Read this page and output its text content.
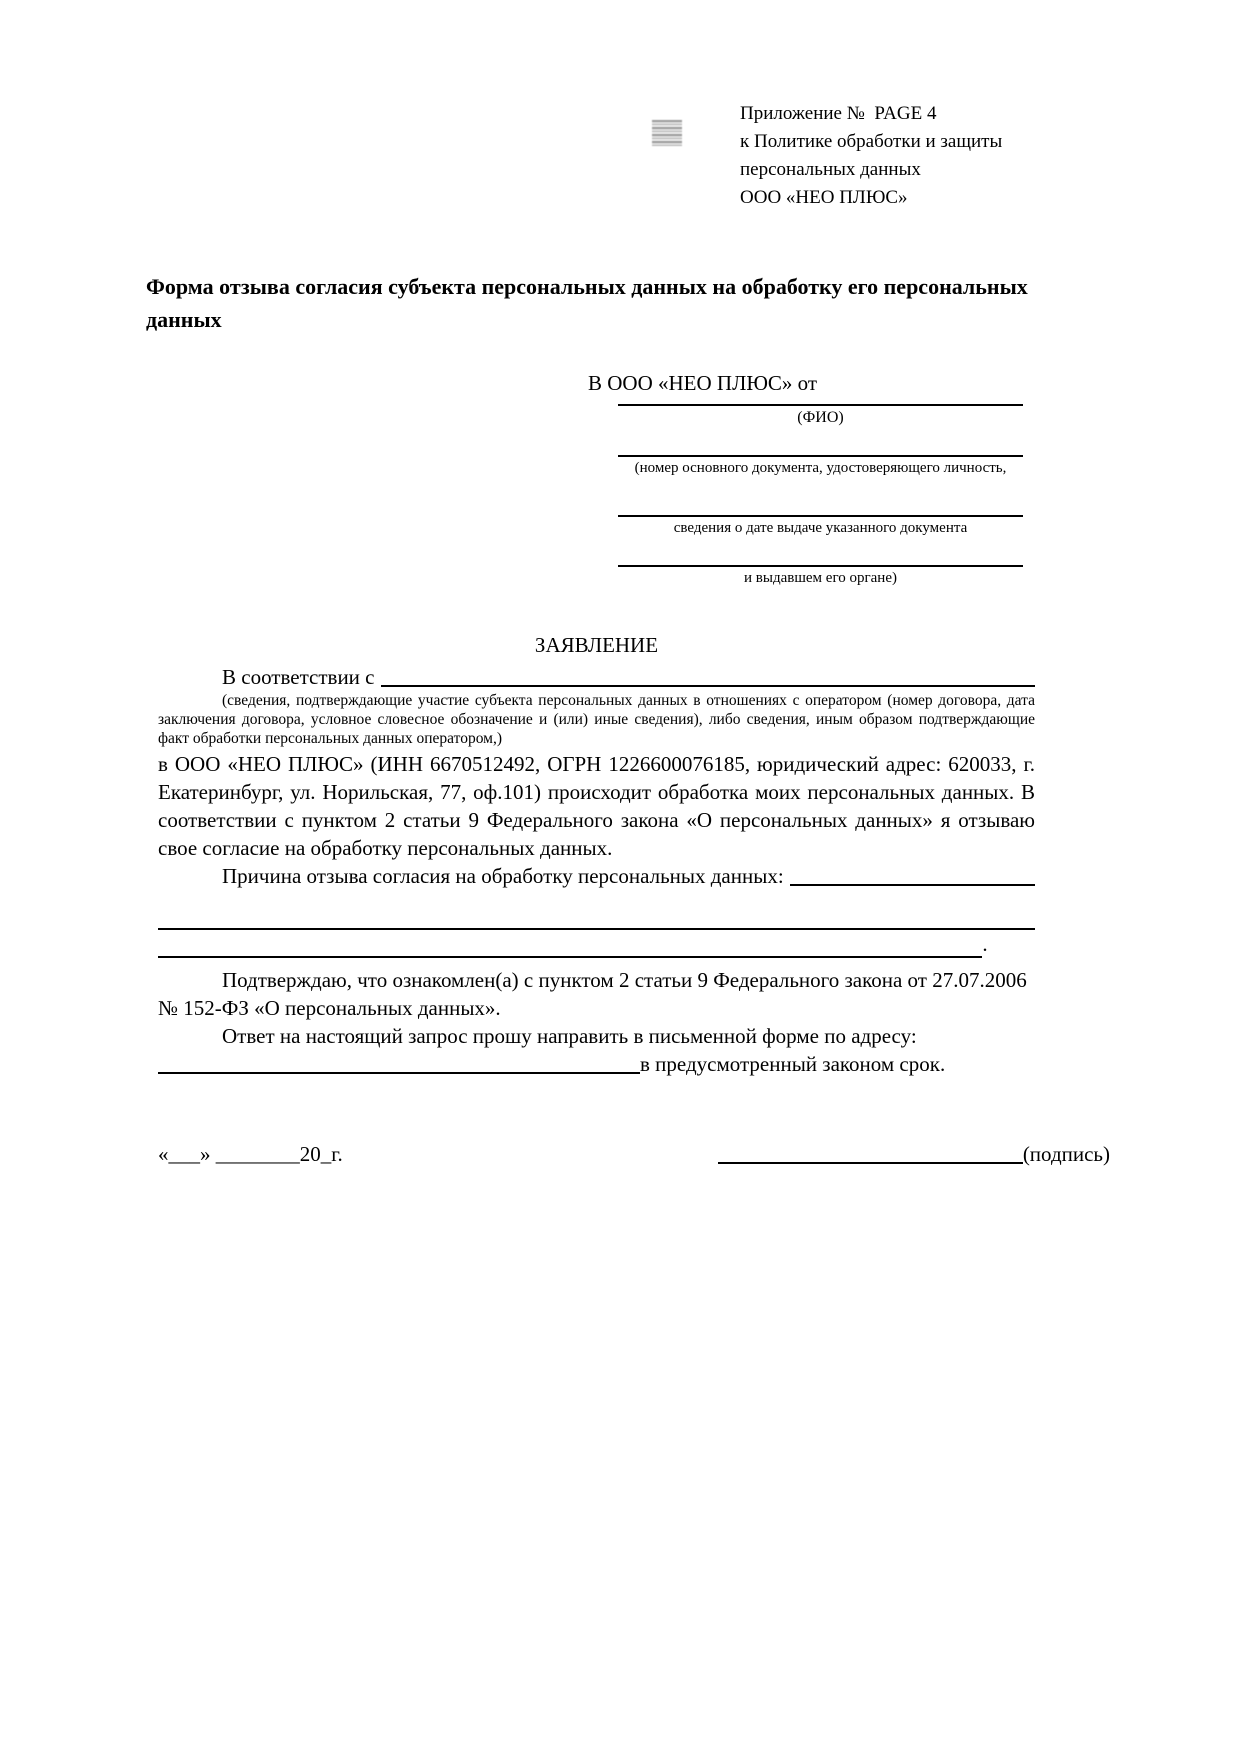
Приложение №  PAGE 4
к Политике обработки и защиты
персональных данных
ООО «НЕО ПЛЮС»
Форма отзыва согласия субъекта персональных данных на обработку его персональных данных
В ООО «НЕО ПЛЮС» от
(ФИО)
(номер основного документа, удостоверяющего личность,
сведения о дате выдаче указанного документа
и выдавшем его органе)
ЗАЯВЛЕНИЕ
В соответствии с
(сведения, подтверждающие участие субъекта персональных данных в отношениях с оператором (номер договора, дата заключения договора, условное словесное обозначение и (или) иные сведения), либо сведения, иным образом подтверждающие факт обработки персональных данных оператором,)
в ООО «НЕО ПЛЮС» (ИНН 6670512492, ОГРН 1226600076185, юридический адрес: 620033, г. Екатеринбург, ул. Норильская, 77, оф.101) происходит обработка моих персональных данных. В соответствии с пунктом 2 статьи 9 Федерального закона «О персональных данных» я отзываю свое согласие на обработку персональных данных.
Причина отзыва согласия на обработку персональных данных:
.
Подтверждаю, что ознакомлен(а) с пунктом 2 статьи 9 Федерального закона от 27.07.2006 № 152-ФЗ «О персональных данных».
Ответ на настоящий запрос прошу направить в письменной форме по адресу:
в предусмотренный законом срок.
«___» ________20_г.	(подпись)
